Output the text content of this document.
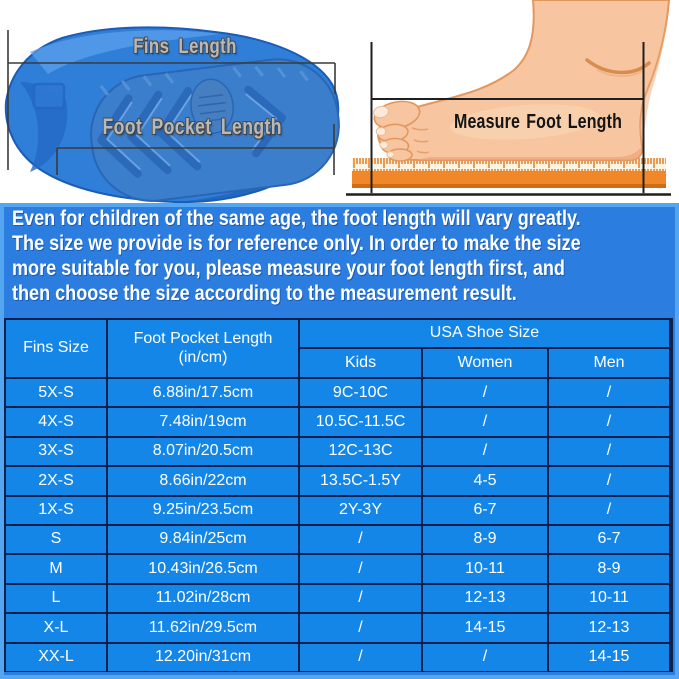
Fins Length
Foot Pocket Length	Measure Foot Length
Even for children of the same age, the foot length will vary greatly.
The size we provide is for reference only. In order to make the size
more suitable for you, please measure your foot length first, and
then choose the size according to the measurement result.
Fins Size
Foot Pocket Length
(in/cm)
USA Shoe Size
Kids	Women	Men
5X-S	6.88in/17.5cm	9C-10C	/	/
4X-S	7.48in/19cm	10.5C-11.5C	/	/
3X-S	8.07in/20.5cm	12C-13C	/	/
2X-S	8.66in/22cm	13.5C-1.5Y	4-5	/
1X-S	9.25in/23.5cm	2Y-3Y	6-7	/
S	9.84in/25cm	/	8-9	6-7
M	10.43in/26.5cm	/	10-11	8-9
L	11.02in/28cm	/	12-13	10-11
X-L	11.62in/29.5cm	/	14-15	12-13
XX-L	12.20in/31cm	/	/	14-15
